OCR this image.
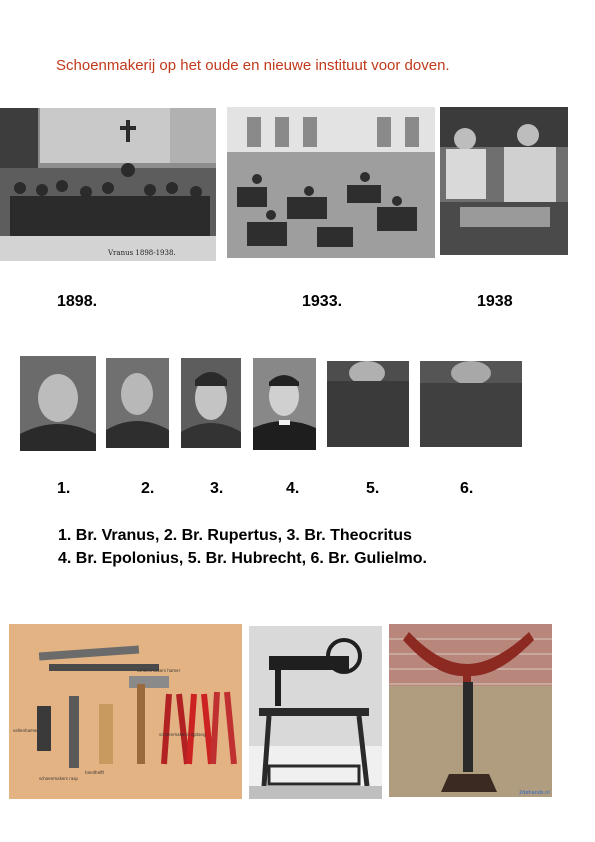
Schoenmakerij op het oude en nieuwe instituut voor doven.
Vranus 1898-1938.
1898.	1933.	1938
1.	2.	3.	4.	5.	6.
1. Br. Vranus, 2. Br. Rupertus, 3. Br. Theocritus
4. Br. Epolonius, 5. Br. Hubrecht, 6. Br. Gulielmo.
schoenmakers hamer
schoenmakers nijptang
vellenhamer
handhelft
schoenmakers rasp
2dehands.nl
